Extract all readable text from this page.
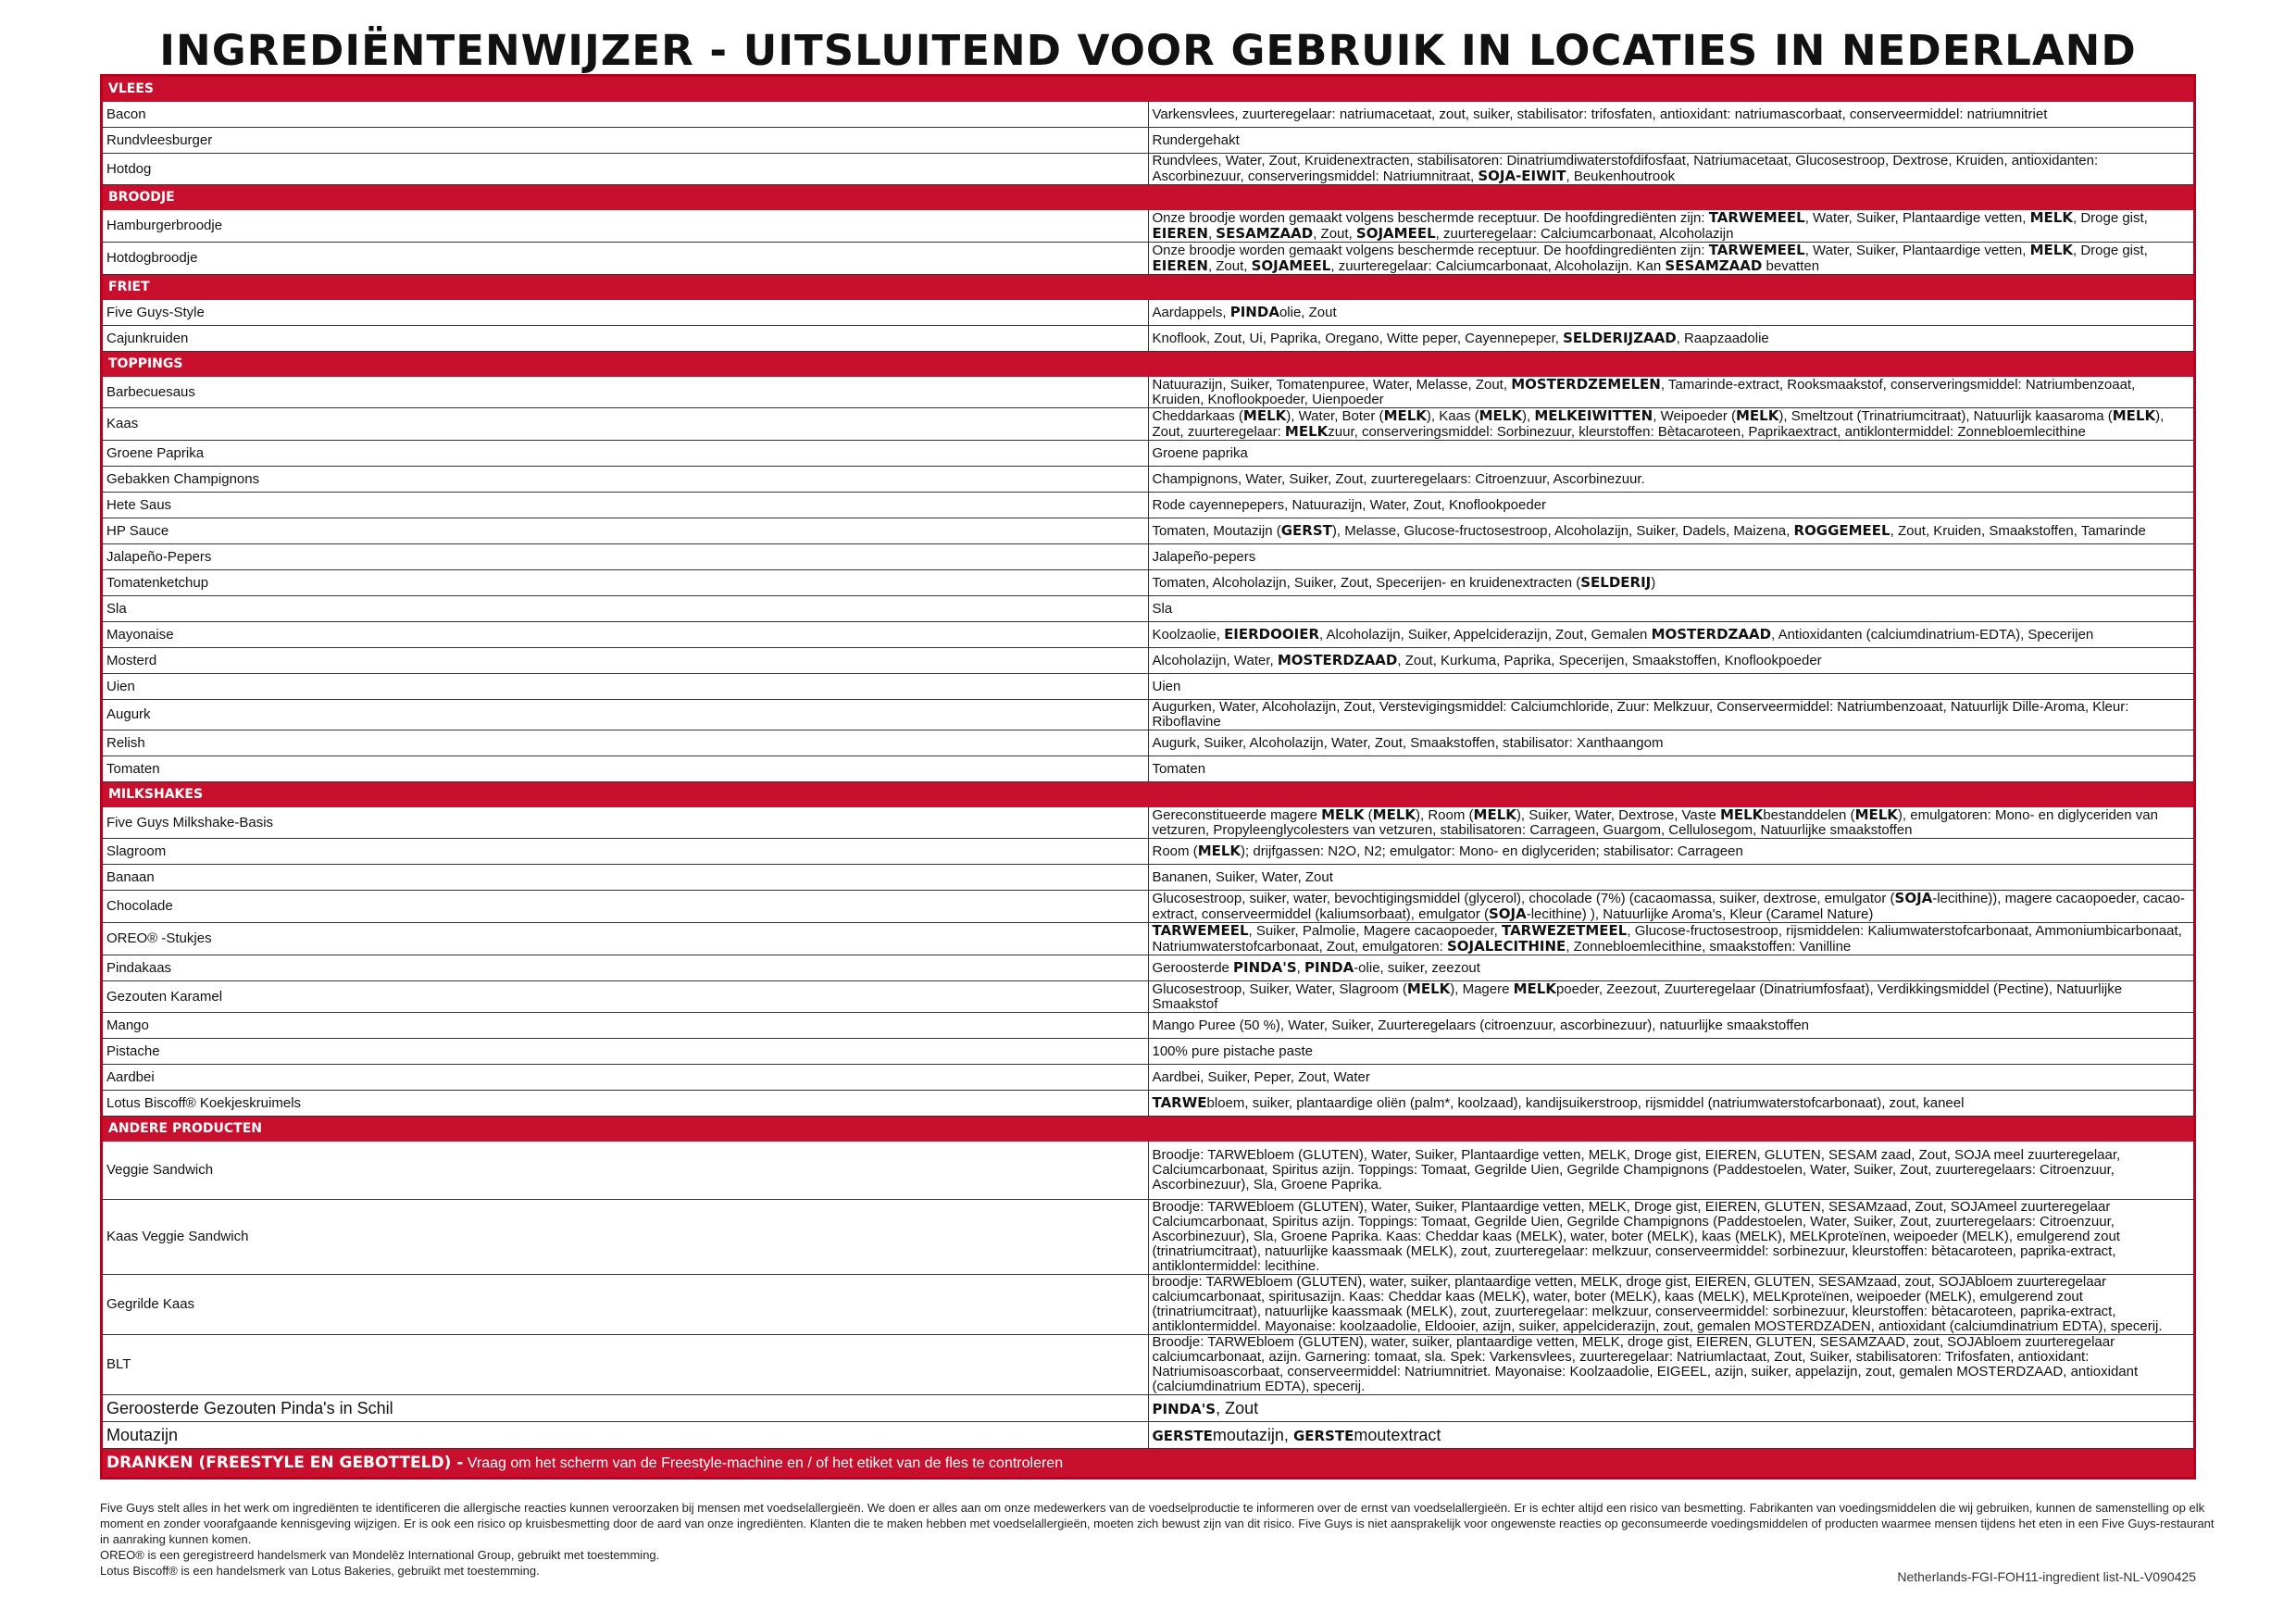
INGREDIËNTENWIJZER - UITSLUITEND VOOR GEBRUIK IN LOCATIES IN NEDERLAND
VLEES	
Bacon	Varkensvlees, zuurteregelaar: natriumacetaat, zout, suiker, stabilisator: trifosfaten, antioxidant: natriumascorbaat, conserveermiddel: natriumnitriet
Rundvleesburger	Rundergehakt
Hotdog	Rundvlees, Water, Zout, Kruidenextracten, stabilisatoren: Dinatriumdiwaterstofdifosfaat, Natriumacetaat, Glucosestroop, Dextrose, Kruiden, antioxidanten: Ascorbinezuur, conserveringsmiddel: Natriumnitraat, SOJA-EIWIT, Beukenhoutrook
BROODJE	
Hamburgerbroodje	Onze broodje worden gemaakt volgens beschermde receptuur. De hoofdingrediënten zijn: TARWEMEEL, Water, Suiker, Plantaardige vetten, MELK, Droge gist, EIEREN, SESAMZAAD, Zout, SOJAMEEL, zuurteregelaar: Calciumcarbonaat, Alcoholazijn
Hotdogbroodje	Onze broodje worden gemaakt volgens beschermde receptuur. De hoofdingrediënten zijn: TARWEMEEL, Water, Suiker, Plantaardige vetten, MELK, Droge gist, EIEREN, Zout, SOJAMEEL, zuurteregelaar: Calciumcarbonaat, Alcoholazijn. Kan SESAMZAAD bevatten
FRIET	
Five Guys-Style	Aardappels, PINDAolie, Zout
Cajunkruiden	Knoflook, Zout, Ui, Paprika, Oregano, Witte peper, Cayennepeper, SELDERIJZAAD, Raapzaadolie
TOPPINGS	
Barbecuesaus	Natuurazijn, Suiker, Tomatenpuree, Water, Melasse, Zout, MOSTERDZEMELEN, Tamarinde-extract, Rooksmaakstof, conserveringsmiddel: Natriumbenzoaat, Kruiden, Knoflookpoeder, Uienpoeder
Kaas	Cheddarkaas (MELK), Water, Boter (MELK), Kaas (MELK), MELKEIWITTEN, Weipoeder (MELK), Smeltzout (Trinatriumcitraat), Natuurlijk kaasaroma (MELK), Zout, zuurteregelaar: MELKzuur, conserveringsmiddel: Sorbinezuur, kleurstoffen: Bètacaroteen, Paprikaextract, antiklontermiddel: Zonnebloemlecithine
Groene Paprika	Groene paprika
Gebakken Champignons	Champignons, Water, Suiker, Zout, zuurteregelaars: Citroenzuur, Ascorbinezuur.
Hete Saus	Rode cayennepepers, Natuurazijn, Water, Zout, Knoflookpoeder
HP Sauce	Tomaten, Moutazijn (GERST), Melasse, Glucose-fructosestroop, Alcoholazijn, Suiker, Dadels, Maizena, ROGGEMEEL, Zout, Kruiden, Smaakstoffen, Tamarinde
Jalapeño-Pepers	Jalapeño-pepers
Tomatenketchup	Tomaten, Alcoholazijn, Suiker, Zout, Specerijen- en kruidenextracten (SELDERIJ)
Sla	Sla
Mayonaise	Koolzaolie, EIERDOOIER, Alcoholazijn, Suiker, Appelciderazijn, Zout, Gemalen MOSTERDZAAD, Antioxidanten (calciumdinatrium-EDTA), Specerijen
Mosterd	Alcoholazijn, Water, MOSTERDZAAD, Zout, Kurkuma, Paprika, Specerijen, Smaakstoffen, Knoflookpoeder
Uien	Uien
Augurk	Augurken, Water, Alcoholazijn, Zout, Verstevigingsmiddel: Calciumchloride, Zuur: Melkzuur, Conserveermiddel: Natriumbenzoaat, Natuurlijk Dille-Aroma, Kleur: Riboflavine
Relish	Augurk, Suiker, Alcoholazijn, Water, Zout, Smaakstoffen, stabilisator: Xanthaangom
Tomaten	Tomaten
MILKSHAKES	
Five Guys Milkshake-Basis	Gereconstitueerde magere MELK (MELK), Room (MELK), Suiker, Water, Dextrose, Vaste MELKbestanddelen (MELK), emulgatoren: Mono- en diglyceriden van vetzuren, Propyleenglycolesters van vetzuren, stabilisatoren: Carrageen, Guargom, Cellulosegom, Natuurlijke smaakstoffen
Slagroom	Room (MELK); drijfgassen: N2O, N2; emulgator: Mono- en diglyceriden; stabilisator: Carrageen
Banaan	Bananen, Suiker, Water, Zout
Chocolade	Glucosestroop, suiker, water, bevochtigingsmiddel (glycerol), chocolade (7%) (cacaomassa, suiker, dextrose, emulgator (SOJA-lecithine)), magere cacaopoeder, cacao-extract, conserveermiddel (kaliumsorbaat), emulgator (SOJA-lecithine) ), Natuurlijke Aroma's, Kleur (Caramel Nature)
OREO® -Stukjes	TARWEMEEL, Suiker, Palmolie, Magere cacaopoeder, TARWEZETMEEL, Glucose-fructosestroop, rijsmiddelen: Kaliumwaterstofcarbonaat, Ammoniumbicarbonaat, Natriumwaterstofcarbonaat, Zout, emulgatoren: SOJALECITHINE, Zonnebloemlecithine, smaakstoffen: Vanilline
Pindakaas	Geroosterde PINDA'S, PINDA-olie, suiker, zeezout
Gezouten Karamel	Glucosestroop, Suiker, Water, Slagroom (MELK), Magere MELKpoeder, Zeezout, Zuurteregelaar (Dinatriumfosfaat), Verdikkingsmiddel (Pectine), Natuurlijke Smaakstof
Mango	Mango Puree (50 %), Water, Suiker, Zuurteregelaars (citroenzuur, ascorbinezuur), natuurlijke smaakstoffen
Pistache	100% pure pistache paste
Aardbei	Aardbei, Suiker, Peper, Zout, Water
Lotus Biscoff® Koekjeskruimels	TARWEbloem, suiker, plantaardige oliën (palm*, koolzaad), kandijsuikerstroop, rijsmiddel (natriumwaterstofcarbonaat), zout, kaneel
ANDERE PRODUCTEN	
Veggie Sandwich	Broodje: TARWEbloem (GLUTEN), Water, Suiker, Plantaardige vetten, MELK, Droge gist, EIEREN, GLUTEN, SESAM zaad, Zout, SOJA meel zuurteregelaar, Calciumcarbonaat, Spiritus azijn. Toppings: Tomaat, Gegrilde Uien, Gegrilde Champignons (Paddestoelen, Water, Suiker, Zout, zuurteregelaars: Citroenzuur, Ascorbinezuur), Sla, Groene Paprika.
Kaas Veggie Sandwich	Broodje: TARWEbloem (GLUTEN), Water, Suiker, Plantaardige vetten, MELK, Droge gist, EIEREN, GLUTEN, SESAMzaad, Zout, SOJAmeel zuurteregelaar Calciumcarbonaat, Spiritus azijn. Toppings: Tomaat, Gegrilde Uien, Gegrilde Champignons (Paddestoelen, Water, Suiker, Zout, zuurteregelaars: Citroenzuur, Ascorbinezuur), Sla, Groene Paprika. Kaas: Cheddar kaas (MELK), water, boter (MELK), kaas (MELK), MELKproteïnen, weipoeder (MELK), emulgerend zout (trinatriumcitraat), natuurlijke kaassmaak (MELK), zout, zuurteregelaar: melkzuur, conserveermiddel: sorbinezuur, kleurstoffen: bètacaroteen, paprika-extract, antiklontermiddel: lecithine.
Gegrilde Kaas	broodje: TARWEbloem (GLUTEN), water, suiker, plantaardige vetten, MELK, droge gist, EIEREN, GLUTEN, SESAMzaad, zout, SOJAbloem zuurteregelaar calciumcarbonaat, spiritusazijn. Kaas: Cheddar kaas (MELK), water, boter (MELK), kaas (MELK), MELKproteïnen, weipoeder (MELK), emulgerend zout (trinatriumcitraat), natuurlijke kaassmaak (MELK), zout, zuurteregelaar: melkzuur, conserveermiddel: sorbinezuur, kleurstoffen: bètacaroteen, paprika-extract, antiklontermiddel. Mayonaise: koolzaadolie, Eldooier, azijn, suiker, appelciderazijn, zout, gemalen MOSTERDZADEN, antioxidant (calciumdinatrium EDTA), specerij.
BLT	Broodje: TARWEbloem (GLUTEN), water, suiker, plantaardige vetten, MELK, droge gist, EIEREN, GLUTEN, SESAMZAAD, zout, SOJAbloem zuurteregelaar calciumcarbonaat, azijn. Garnering: tomaat, sla. Spek: Varkensvlees, zuurteregelaar: Natriumlactaat, Zout, Suiker, stabilisatoren: Trifosfaten, antioxidant: Natriumisoascorbaat, conserveermiddel: Natriumnitriet. Mayonaise: Koolzaadolie, EIGEEL, azijn, suiker, appelazijn, zout, gemalen MOSTERDZAAD, antioxidant (calciumdinatrium EDTA), specerij.
Geroosterde Gezouten Pinda's in Schil	PINDA'S, Zout
Moutazijn	GERSTEmoutazijn, GERSTEmoutextract
DRANKEN (FREESTYLE EN GEBOTTELD) - Vraag om het scherm van de Freestyle-machine en / of het etiket van de fles te controleren	

Five Guys stelt alles in het werk om ingrediënten te identificeren die allergische reacties kunnen veroorzaken bij mensen met voedselallergieën. We doen er alles aan om onze medewerkers van de voedselproductie te informeren over de ernst van voedselallergieën. Er is echter altijd een risico van besmetting. Fabrikanten van voedingsmiddelen die wij gebruiken, kunnen de samenstelling op elk moment en zonder voorafgaande kennisgeving wijzigen. Er is ook een risico op kruisbesmetting door de aard van onze ingrediënten. Klanten die te maken hebben met voedselallergieën, moeten zich bewust zijn van dit risico. Five Guys is niet aansprakelijk voor ongewenste reacties op geconsumeerde voedingsmiddelen of producten waarmee mensen tijdens het eten in een Five Guys-restaurant in aanraking kunnen komen.

OREO® is een geregistreerd handelsmerk van Mondelēz International Group, gebruikt met toestemming.

Lotus Biscoff® is een handelsmerk van Lotus Bakeries, gebruikt met toestemming.	Netherlands-FGI-FOH11-ingredient list-NL-V090425
